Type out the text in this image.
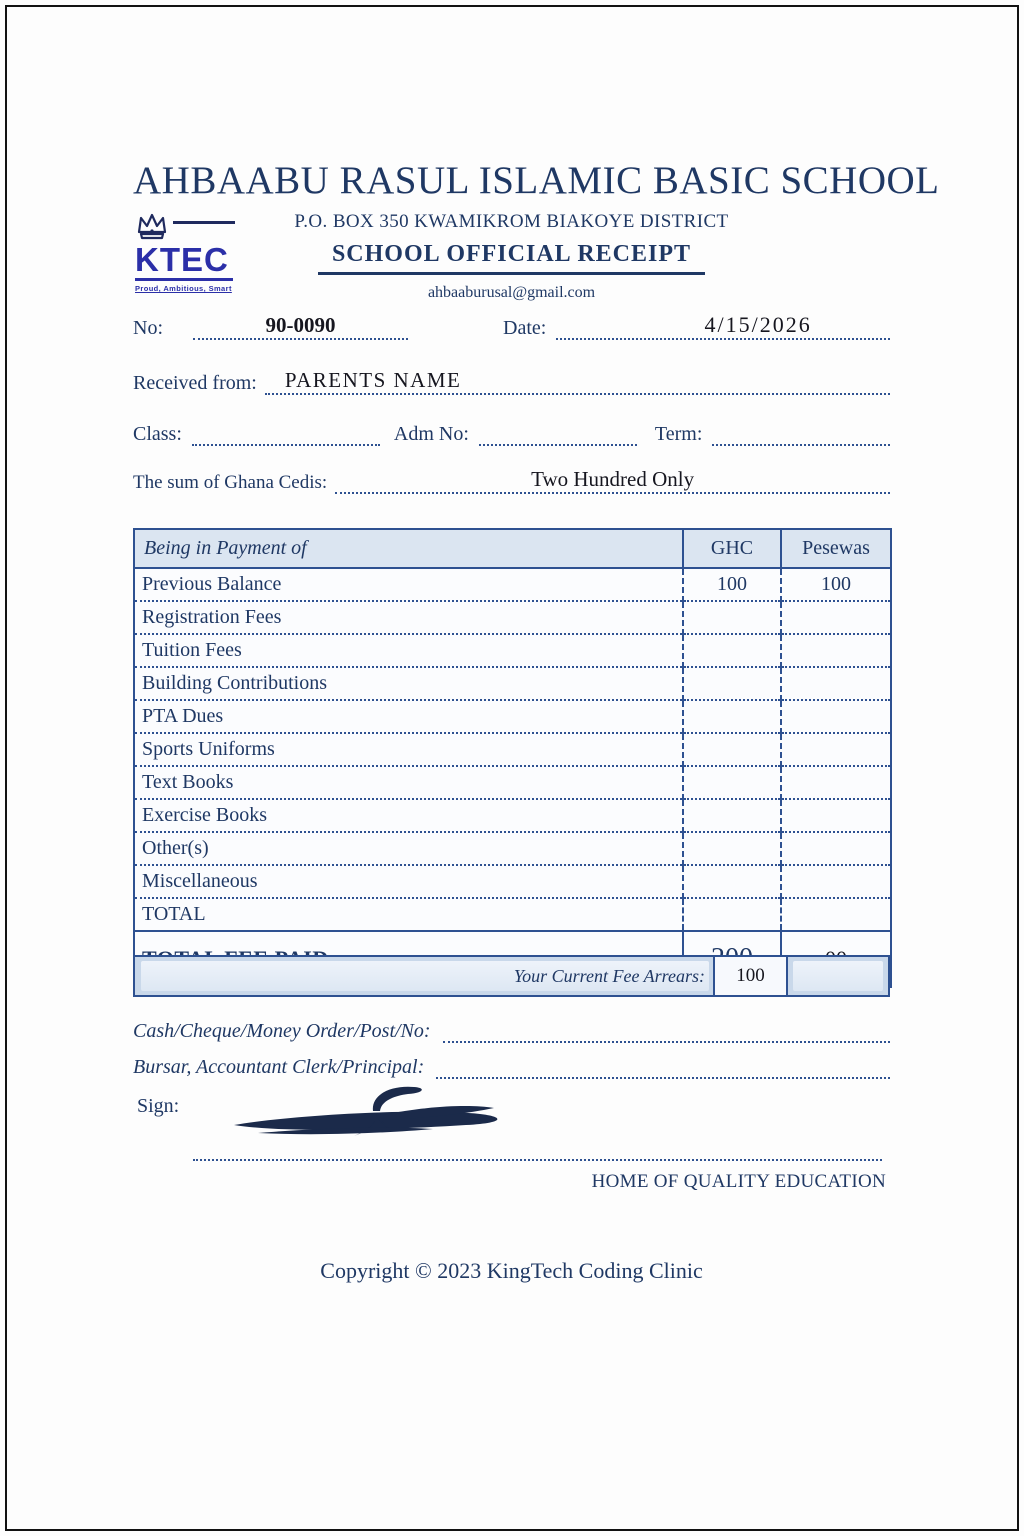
AHBAABU RASUL ISLAMIC BASIC SCHOOL
KTEC
Proud, Ambitious, Smart
P.O. BOX 350 KWAMIKROM BIAKOYE DISTRICT
SCHOOL OFFICIAL RECEIPT
ahbaaburusal@gmail.com
No:	90-0090	Date:	4/15/2026
Received from:	PARENTS NAME
Class:	Adm No:	Term:
The sum of Ghana Cedis:	Two Hundred Only
Being in Payment of	GHC	Pesewas
Previous Balance	100	100
Registration Fees		
Tuition Fees		
Building Contributions		
PTA Dues		
Sports Uniforms		
Text Books		
Exercise Books		
Other(s)		
Miscellaneous		
TOTAL		

Your Current Fee Arrears:	100
Cash/Cheque/Money Order/Post/No:
Bursar, Accountant Clerk/Principal:
Sign:
HOME OF QUALITY EDUCATION
Copyright © 2023 KingTech Coding Clinic
